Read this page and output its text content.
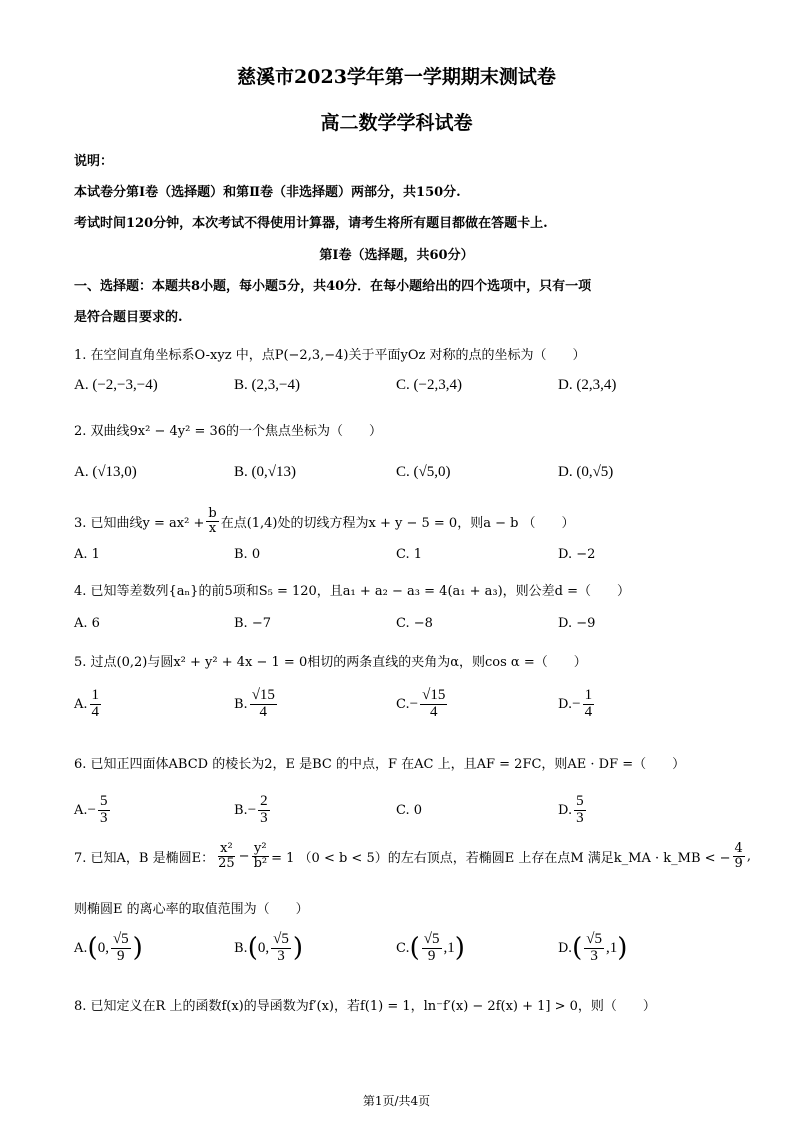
慈溪市2023学年第一学期期末测试卷
高二数学学科试卷
说明：
本试卷分第Ⅰ卷（选择题）和第Ⅱ卷（非选择题）两部分，共150分.
考试时间120分钟，本次考试不得使用计算器，请考生将所有题目都做在答题卡上.
第Ⅰ卷（选择题，共60分）
一、选择题：本题共8小题，每小题5分，共40分．在每小题给出的四个选项中，只有一项
是符合题目要求的.
1. 在空间直角坐标系O-xyz 中，点P(−2,3,−4)关于平面yOz 对称的点的坐标为（　　）
A. (−2,−3,−4)	B. (2,3,−4)	C. (−2,3,4)	D. (2,3,4)
2. 双曲线9x² − 4y² = 36的一个焦点坐标为（　　）
A. (√13,0)	B. (0,√13)	C. (√5,0)	D. (0,√5)
3. 已知曲线$y = ax^2 + \frac{b}{x}$ 在点(1,4)处的切线方程为x + y − 5 = 0，则a − b （　　）
A. 1	B. 0	C. 1	D. −2
4. 已知等差数列{aₙ}的前5项和S₅ = 120，且a₁ + a₂ − a₃ = 4(a₁ + a₃)，则公差d =（　　）
A. 6	B. −7	C. −8	D. −9
5. 过点(0,2)与圆x² + y² + 4x − 1 = 0相切的两条直线的夹角为α，则cos α =（　　）
A. $\frac{1}{4}$	B. $\frac{√15}{4}$	C. − $\frac{√15}{4}$	D. − $\frac{1}{4}$
6. 已知正四面体ABCD 的棱长为2，E 是BC 的中点，F 在AC 上，且AF = 2FC，则AE · DF =（　　）
A. − $\frac{5}{3}$	B. − $\frac{2}{3}$	C. 0	D. $\frac{5}{3}$
7. 已知A，B 是椭圆E： $\frac{\text{x²}}{25} - \frac{\text{y²}}{\text{b²}} = 1$ （0 < b < 5）的左右顶点，若椭圆E 上存在点M 满足k_MA · k_MB < − $\frac{4}{9}$ ,
则椭圆E 的离心率的取值范围为（　　）
A. ( 0, $\frac{√5}{9}$ )	B. ( 0, $\frac{√5}{3}$ )	C. ( $\frac{√5}{9} ,1$ )	D. ( $\frac{√5}{3} ,1$ )
8. 已知定义在R 上的函数f(x)的导函数为f′(x)，若f(1) = 1，ln⁻f′(x) − 2f(x) + 1] > 0，则（　　）
第1页/共4页
